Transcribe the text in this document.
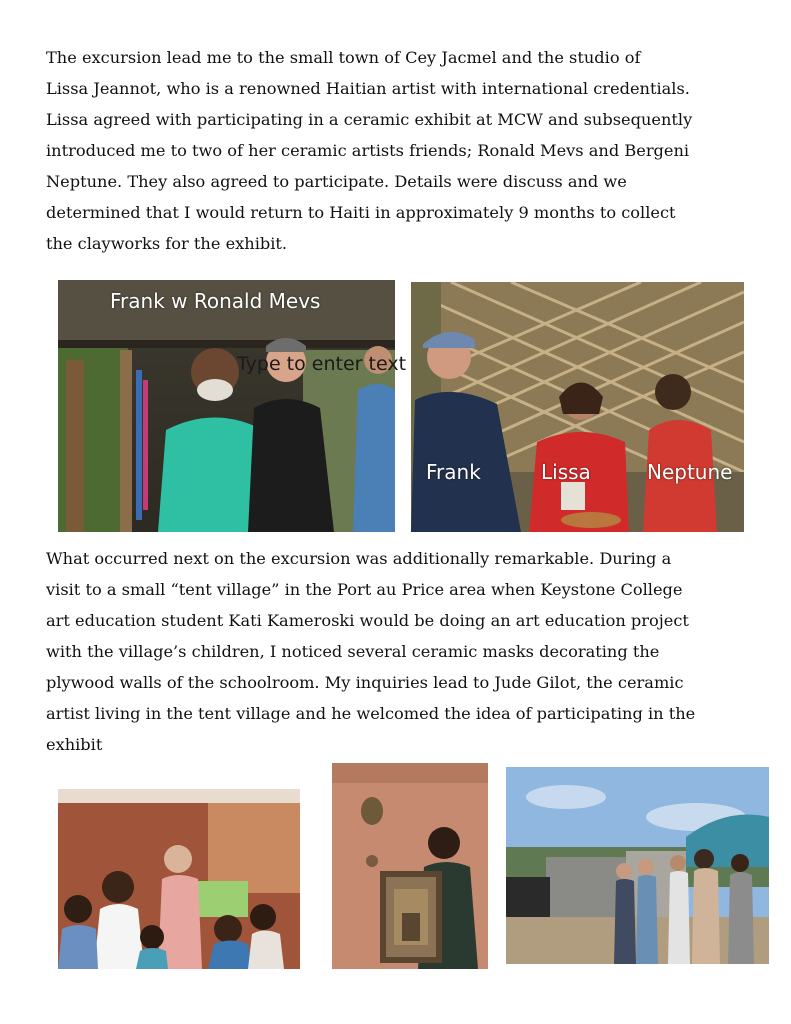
The excursion lead me to the small town of Cey Jacmel and the studio of
Lissa Jeannot, who is a renowned Haitian artist with international credentials.
Lissa agreed with participating in a ceramic exhibit at MCW and subsequently
introduced me to two of her ceramic artists friends; Ronald Mevs and Bergeni
Neptune. They also agreed to participate. Details were discuss and we
determined that I would return to Haiti in approximately 9 months to collect
the clayworks for the exhibit.

Frank w Ronald Mevs
Frank	Lissa	Neptune
Type to enter text

What occurred next on the excursion was additionally remarkable. During a
visit to a small “tent village” in the Port au Price area when Keystone College
art education student Kati Kameroski would be doing an art education project
with the village’s children, I noticed several ceramic masks decorating the
plywood walls of the schoolroom. My inquiries lead to Jude Gilot, the ceramic
artist living in the tent village and he welcomed the idea of participating in the
exhibit
